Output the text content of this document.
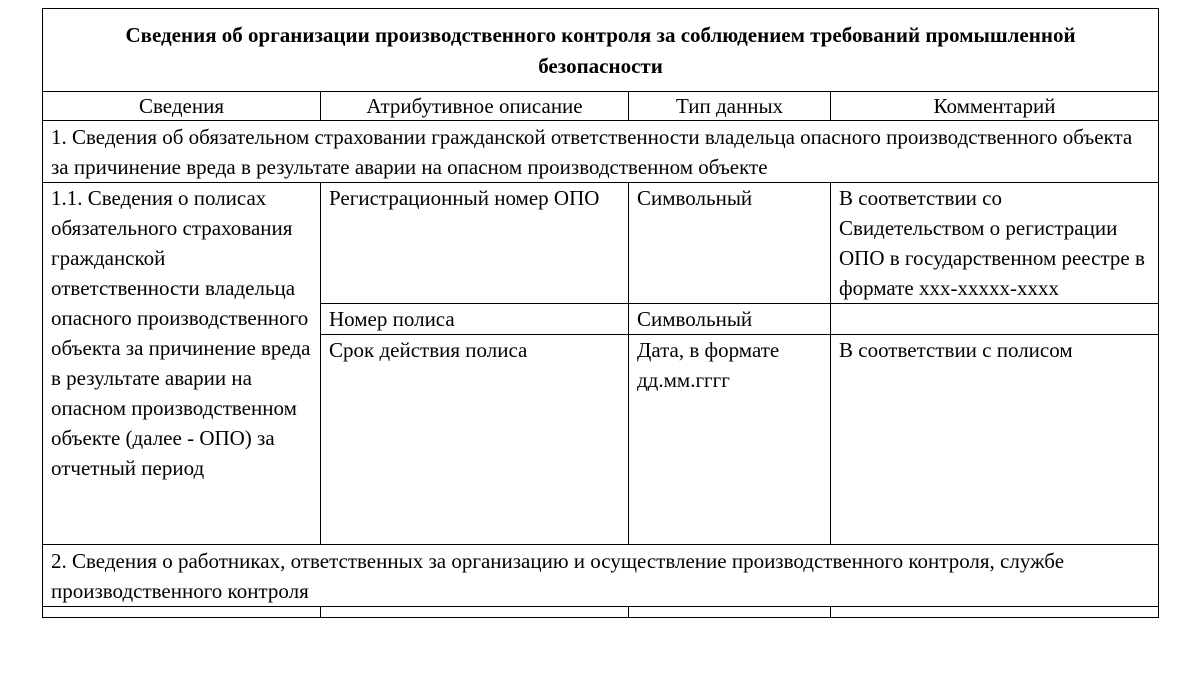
Сведения об организации производственного контроля за соблюдением требований промышленной безопасности			
Сведения	Атрибутивное описание	Тип данных	Комментарий
1. Сведения об обязательном страховании гражданской ответственности владельца опасного производственного объекта за причинение вреда в результате аварии на опасном производственном объекте			
1.1. Сведения о полисах обязательного страхования гражданской ответственности владельца опасного производственного объекта за причинение вреда в результате аварии на опасном производственном объекте (далее - ОПО) за отчетный период	Регистрационный номер ОПО	Символьный	В соответствии со Свидетельством о регистрации ОПО в государственном реестре в формате xxx-xxxxx-xxxx
	Номер полиса	Символьный	
	Срок действия полиса	Дата, в формате дд.мм.гггг	В соответствии с полисом
2. Сведения о работниках, ответственных за организацию и осуществление производственного контроля, службе производственного контроля			
